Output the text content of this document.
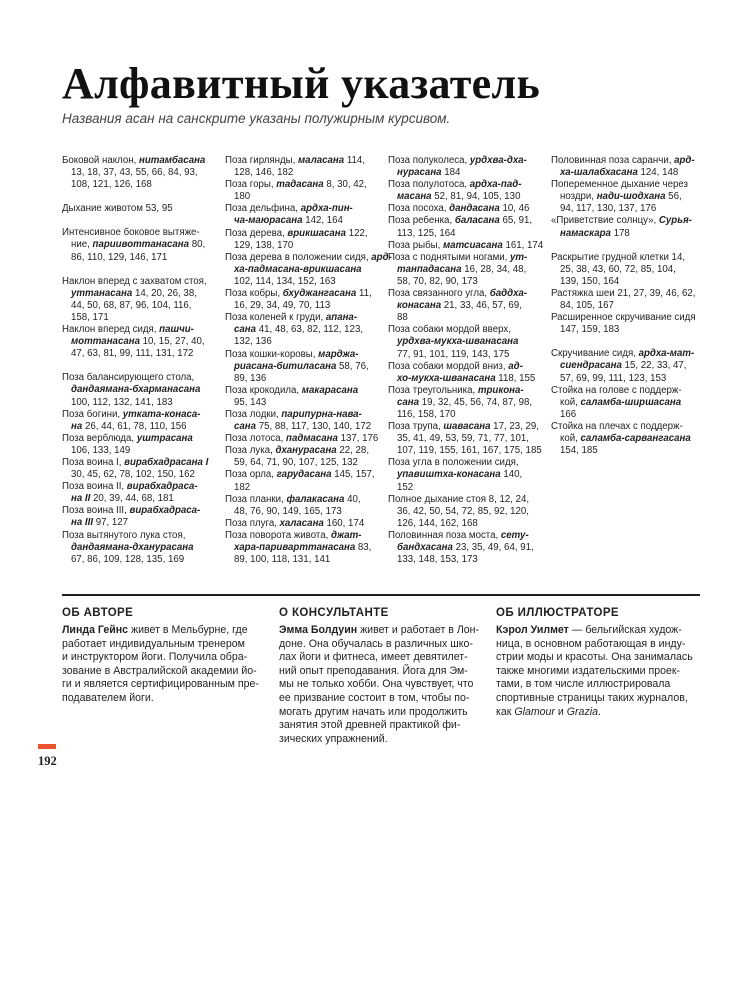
Алфавитный указатель

Названия асан на санскрите указаны полужирным курсивом.

Боковой наклон, нитамбасана
13, 18, 37, 43, 55, 66, 84, 93,
108, 121, 126, 168
Дыхание животом 53, 95
Интенсивное боковое вытяже-
ние, париивоттанасана 80,
86, 110, 129, 146, 171
Наклон вперед с захватом стоя,
уттанасана 14, 20, 26, 38,
44, 50, 68, 87, 96, 104, 116,
158, 171
Наклон вперед сидя, пашчи-
моттанасана 10, 15, 27, 40,
47, 63, 81, 99, 111, 131, 172
Поза балансирующего стола,
дандаямана-бхарманасана
100, 112, 132, 141, 183
Поза богини, уткатa-конаса-
на 26, 44, 61, 78, 110, 156
Поза верблюда, уштрасана
106, 133, 149
Поза воина I, вирабхадрасана I
30, 45, 62, 78, 102, 150, 162
Поза воина II, вирабхадраса-
на II 20, 39, 44, 68, 181
Поза воина III, вирабхадраса-
на III 97, 127
Поза вытянутого лука стоя,
дандаямана-дханурасана
67, 86, 109, 128, 135, 169
Поза гирлянды, маласана 114,
128, 146, 182
Поза горы, тадасана 8, 30, 42,
180
Поза дельфина, ардха-пин-
ча-маюрасана 142, 164
Поза дерева, врикшасана 122,
129, 138, 170
Поза дерева в положении сидя, ард-
ха-падмасана-врикшасана
102, 114, 134, 152, 163
Поза кобры, бхуджангасана 11,
16, 29, 34, 49, 70, 113
Поза коленей к груди, апана-
сана 41, 48, 63, 82, 112, 123,
132, 136
Поза кошки-коровы, марджа-
риасана-битиласана 58, 76,
89, 136
Поза крокодила, макарасана
95, 143
Поза лодки, парипурна-нава-
сана 75, 88, 117, 130, 140, 172
Поза лотоса, падмасана 137, 176
Поза лука, дханурасана 22, 28,
59, 64, 71, 90, 107, 125, 132
Поза орла, гарудасана 145, 157,
182
Поза планки, фалакасана 40,
48, 76, 90, 149, 165, 173
Поза плуга, халасана 160, 174
Поза поворота живота, джат-
хара-париварттанасана 83,
89, 100, 118, 131, 141
Поза полуколеса, урдхва-дха-
нурасана 184
Поза полулотоса, ардха-пад-
масана 52, 81, 94, 105, 130
Поза посоха, дандасана 10, 46
Поза ребенка, баласана 65, 91,
113, 125, 164
Поза рыбы, матсиасана 161, 174
Поза с поднятыми ногами, ут-
танпадасана 16, 28, 34, 48,
58, 70, 82, 90, 173
Поза связанного угла, баддха-
конасана 21, 33, 46, 57, 69,
88
Поза собаки мордой вверх,
урдхва-мукха-шванасана
77, 91, 101, 119, 143, 175
Поза собаки мордой вниз, ад-
хо-мукха-шванасана 118, 155
Поза треугольника, трикона-
сана 19, 32, 45, 56, 74, 87, 98,
116, 158, 170
Поза трупа, шавасана 17, 23, 29,
35, 41, 49, 53, 59, 71, 77, 101,
107, 119, 155, 161, 167, 175, 185
Поза угла в положении сидя,
упавиштха-конасана 140,
152
Полное дыхание стоя 8, 12, 24,
36, 42, 50, 54, 72, 85, 92, 120,
126, 144, 162, 168
Половинная поза моста, сету-
бандхасана 23, 35, 49, 64, 91,
133, 148, 153, 173
Половинная поза саранчи, ард-
ха-шалабхасана 124, 148
Попеременное дыхание через
ноздри, нади-шодхана 56,
94, 117, 130, 137, 176
«Приветствие солнцу», Сурья-
намаскара 178
Раскрытие грудной клетки 14,
25, 38, 43, 60, 72, 85, 104,
139, 150, 164
Растяжка шеи 21, 27, 39, 46, 62,
84, 105, 167
Расширенное скручивание сидя
147, 159, 183
Скручивание сидя, ардха-мат-
сиендрасана 15, 22, 33, 47,
57, 69, 99, 111, 123, 153
Стойка на голове с поддерж-
кой, саламба-ширшасана
166
Стойка на плечах с поддерж-
кой, саламба-сарвангасана
154, 185
ОБ АВТОРЕ
Линда Гейнс живет в Мельбурне, где
работает индивидуальным тренером
и инструктором йоги. Получила обра-
зование в Австралийской академии йо-
ги и является сертифицированным пре-
подавателем йоги.
О КОНСУЛЬТАНТЕ
Эмма Болдуин живет и работает в Лон-
доне. Она обучалась в различных шко-
лах йоги и фитнеса, имеет девятилет-
ний опыт преподавания. Йога для Эм-
мы не только хобби. Она чувствует, что
ее призвание состоит в том, чтобы по-
могать другим начать или продолжить
занятия этой древней практикой фи-
зических упражнений.
ОБ ИЛЛЮСТРАТОРЕ
Кэрол Уилмет — бельгийская худож-
ница, в основном работающая в инду-
стрии моды и красоты. Она занималась
также многими издательскими проек-
тами, в том числе иллюстрировала
спортивные страницы таких журналов,
как Glamour и Grazia.
192
